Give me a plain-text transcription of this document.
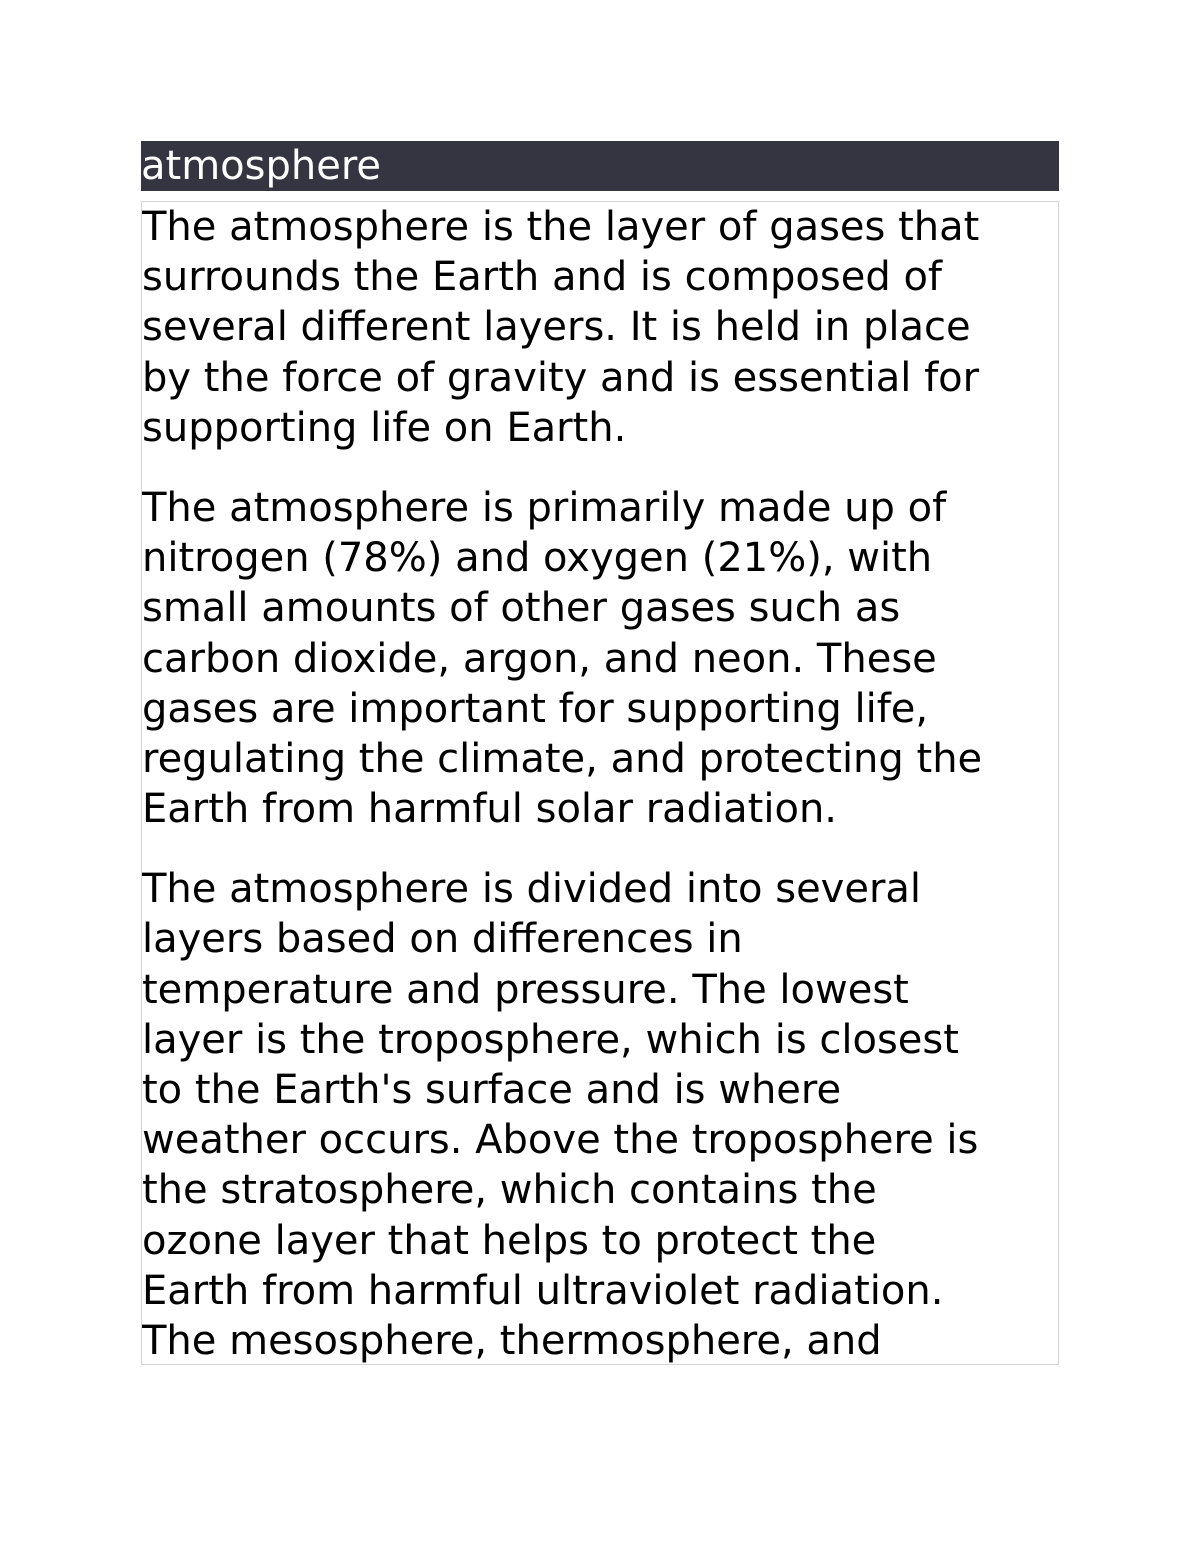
atmosphere

The atmosphere is the layer of gases that
surrounds the Earth and is composed of
several different layers. It is held in place
by the force of gravity and is essential for
supporting life on Earth.

The atmosphere is primarily made up of
nitrogen (78%) and oxygen (21%), with
small amounts of other gases such as
carbon dioxide, argon, and neon. These
gases are important for supporting life,
regulating the climate, and protecting the
Earth from harmful solar radiation.

The atmosphere is divided into several
layers based on differences in
temperature and pressure. The lowest
layer is the troposphere, which is closest
to the Earth's surface and is where
weather occurs. Above the troposphere is
the stratosphere, which contains the
ozone layer that helps to protect the
Earth from harmful ultraviolet radiation.
The mesosphere, thermosphere, and
